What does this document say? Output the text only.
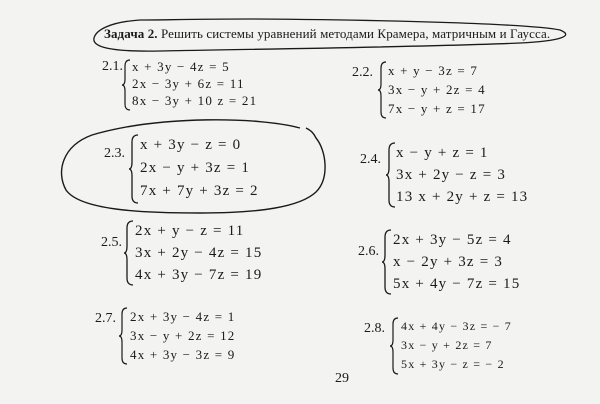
Задача 2. Решить системы уравнений методами Крамера, матричным и Гаусса.
2.1. x + 3y − 4z = 5
2x − 3y + 6z = 11
8x − 3y + 10 z = 21
2.2. x + y − 3z = 7
3x − y + 2z = 4
7x − y + z = 17
2.3.
x + 3y − z = 0
2x − y + 3z = 1
7x + 7y + 3z = 2
2.4. x − y + z = 1
3x + 2y − z = 3
13 x + 2y + z = 13
2.5.
2x + y − z = 11
3x + 2y − 4z = 15
4x + 3y − 7z = 19
2.6.
2x + 3y − 5z = 4
x − 2y + 3z = 3
5x + 4y − 7z = 15
2.7. 2x + 3y − 4z = 1
3x − y + 2z = 12
4x + 3y − 3z = 9
2.8. 4x + 4y − 3z = − 7
3x − y + 2z = 7
5x + 3y − z = − 2
29
